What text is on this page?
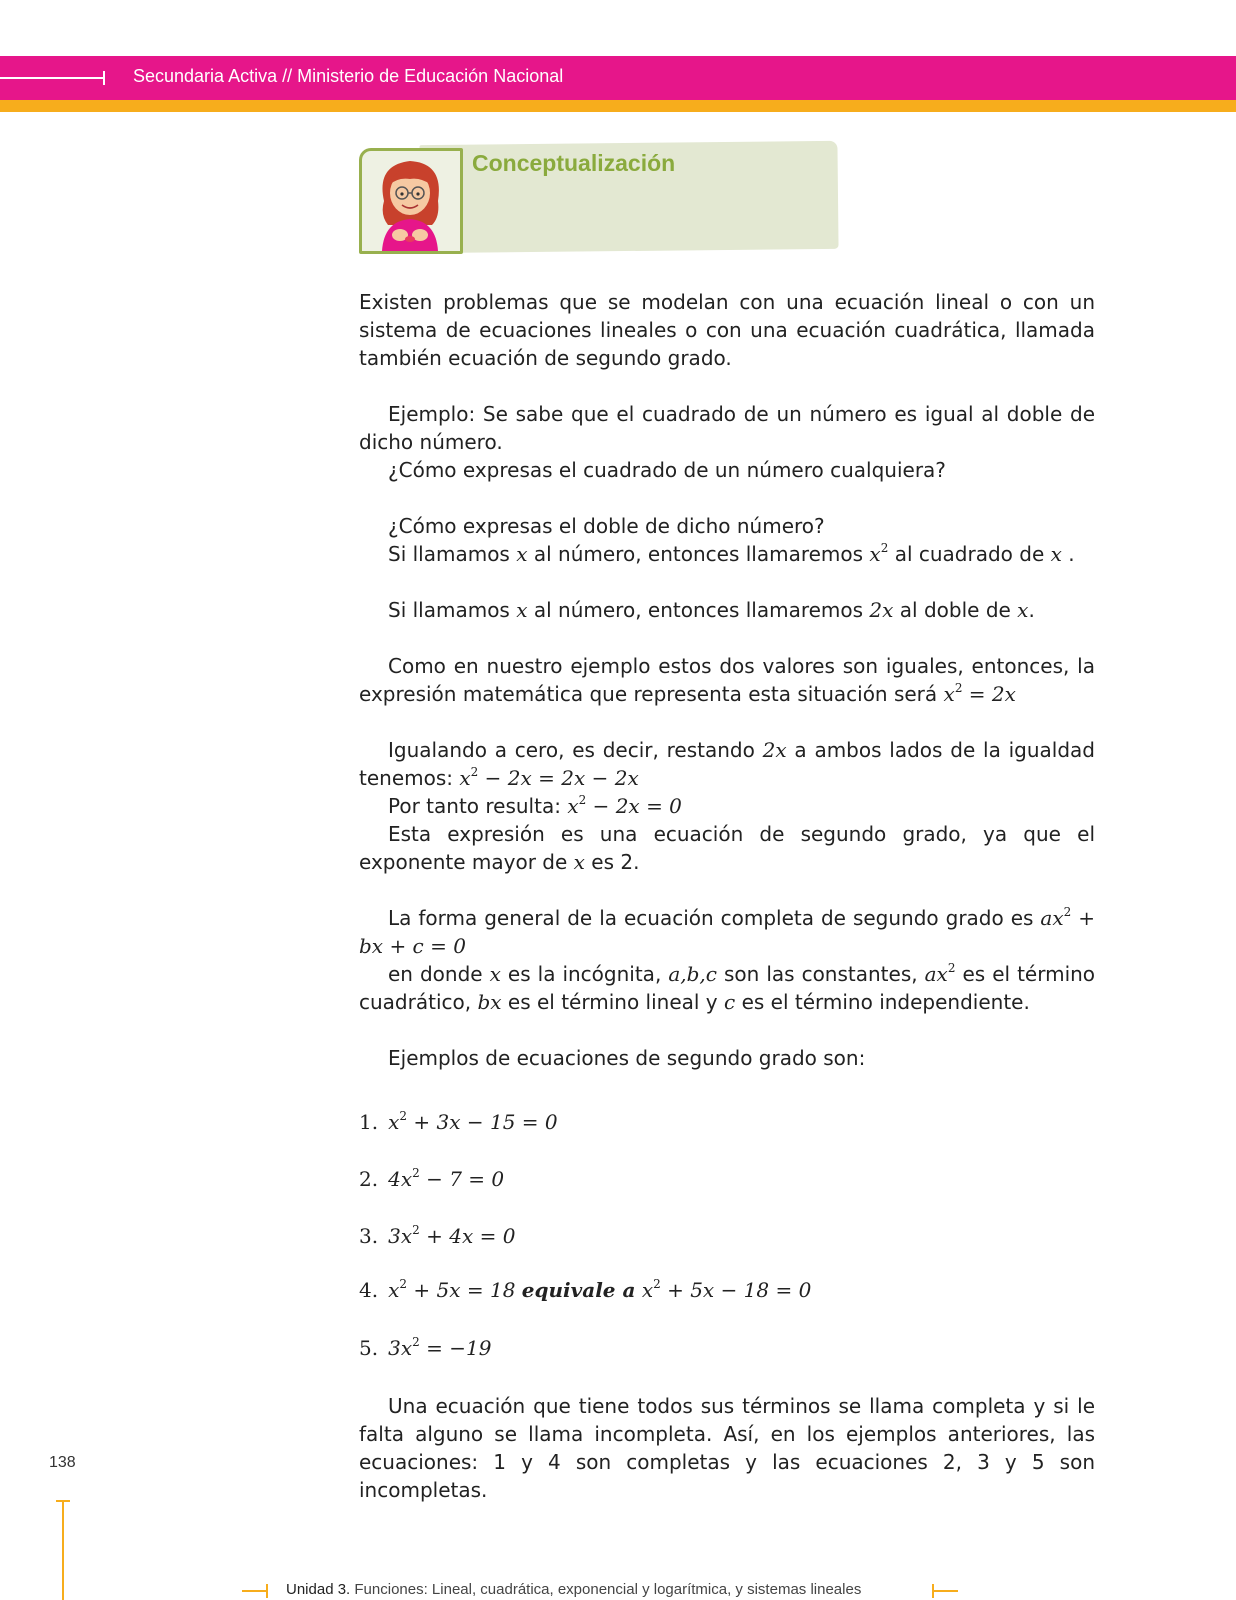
Secundaria Activa // Ministerio de Educación Nacional
Conceptualización

Existen problemas que se modelan con una ecuación lineal o con un sistema de ecuaciones lineales o con una ecuación cuadrática, llamada también ecuación de segundo grado.

Ejemplo: Se sabe que el cuadrado de un número es igual al doble de dicho número.

¿Cómo expresas el cuadrado de un número cualquiera?

¿Cómo expresas el doble de dicho número?

Si llamamos x al número, entonces llamaremos $x^2$ al cuadrado de x .

Si llamamos x al número, entonces llamaremos 2x al doble de x.

Como en nuestro ejemplo estos dos valores son iguales, entonces, la expresión matemática que representa esta situación será $x^2 = 2x$

Igualando a cero, es decir, restando 2x a ambos lados de la igualdad tenemos: $x^2 - 2x = 2x - 2x$

Por tanto resulta: $x^2 - 2x = 0$

Esta expresión es una ecuación de segundo grado, ya que el exponente mayor de x es 2.

La forma general de la ecuación completa de segundo grado es $ax^2$ + bx + c = 0

en donde x es la incógnita, a,b,c son las constantes, $ax^2$ es el término cuadrático, bx es el término lineal y c es el término independiente.

Ejemplos de ecuaciones de segundo grado son:

1. $x^2 + 3x - 15 = 0$
2. $4x^2 - 7 = 0$
3. $3x^2 + 4x = 0$
4. $x^2 + 5x = 18$ equivale a $x^2 + 5x - 18 = 0$
5. $3x^2 = -19$

Una ecuación que tiene todos sus términos se llama completa y si le falta alguno se llama incompleta. Así, en los ejemplos anteriores, las ecuaciones: 1 y 4 son completas y las ecuaciones 2, 3 y 5 son incompletas.

138
Unidad 3. Funciones: Lineal, cuadrática, exponencial y logarítmica, y sistemas lineales
